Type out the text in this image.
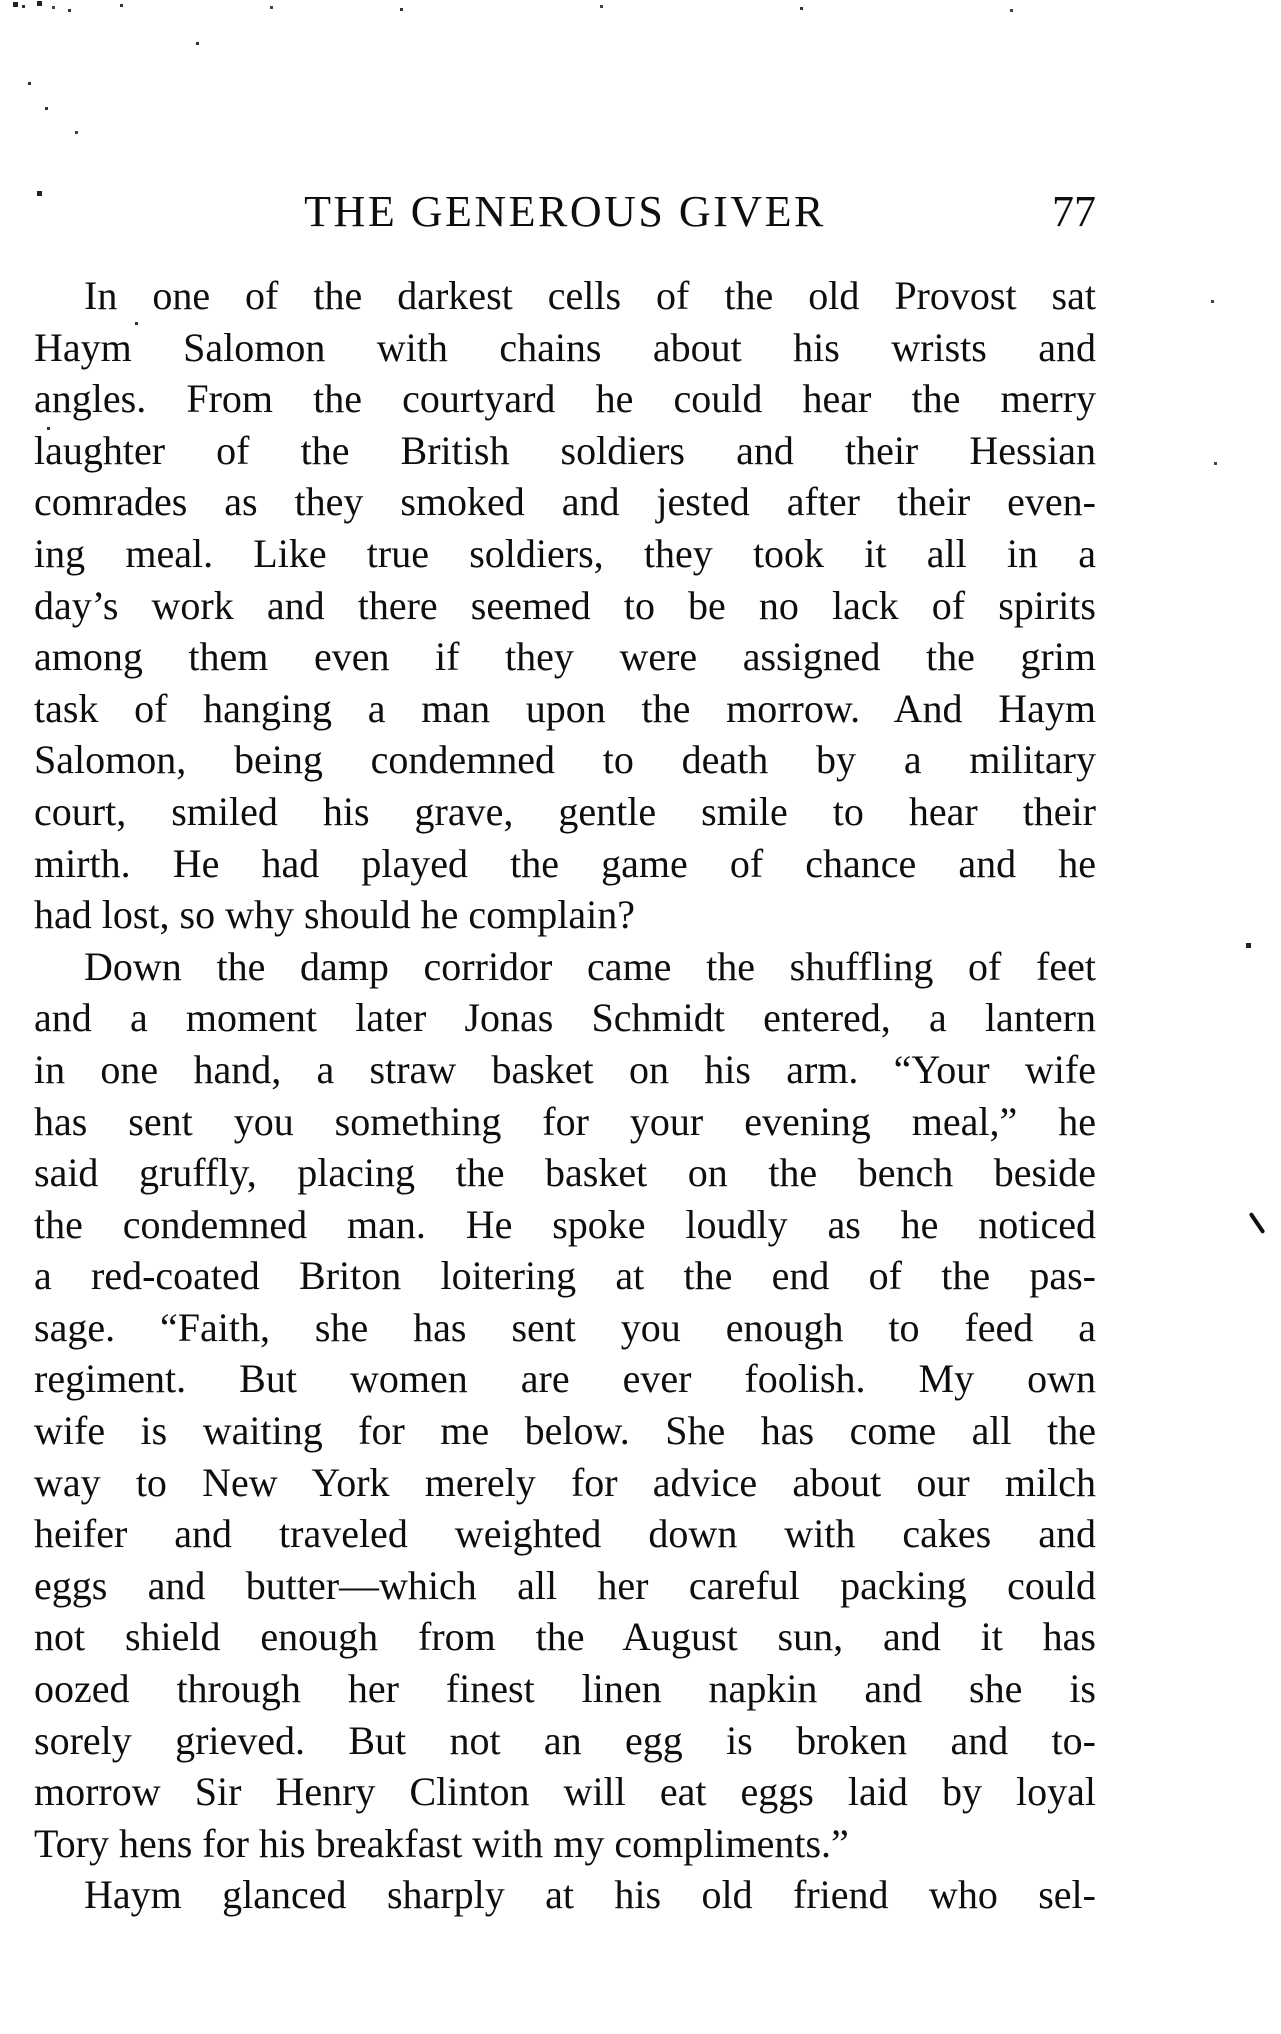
THE GENEROUS GIVER	77
In one of the darkest cells of the old Provost sat
Haym Salomon with chains about his wrists and
angles. From the courtyard he could hear the merry
laughter of the British soldiers and their Hessian
comrades as they smoked and jested after their even-
ing meal. Like true soldiers, they took it all in a
day’s work and there seemed to be no lack of spirits
among them even if they were assigned the grim
task of hanging a man upon the morrow. And Haym
Salomon, being condemned to death by a military
court, smiled his grave, gentle smile to hear their
mirth. He had played the game of chance and he
had lost, so why should he complain?
Down the damp corridor came the shuffling of feet
and a moment later Jonas Schmidt entered, a lantern
in one hand, a straw basket on his arm. “Your wife
has sent you something for your evening meal,” he
said gruffly, placing the basket on the bench beside
the condemned man. He spoke loudly as he noticed
a red-coated Briton loitering at the end of the pas-
sage. “Faith, she has sent you enough to feed a
regiment. But women are ever foolish. My own
wife is waiting for me below. She has come all the
way to New York merely for advice about our milch
heifer and traveled weighted down with cakes and
eggs and butter—which all her careful packing could
not shield enough from the August sun, and it has
oozed through her finest linen napkin and she is
sorely grieved. But not an egg is broken and to-
morrow Sir Henry Clinton will eat eggs laid by loyal
Tory hens for his breakfast with my compliments.”
Haym glanced sharply at his old friend who sel-
